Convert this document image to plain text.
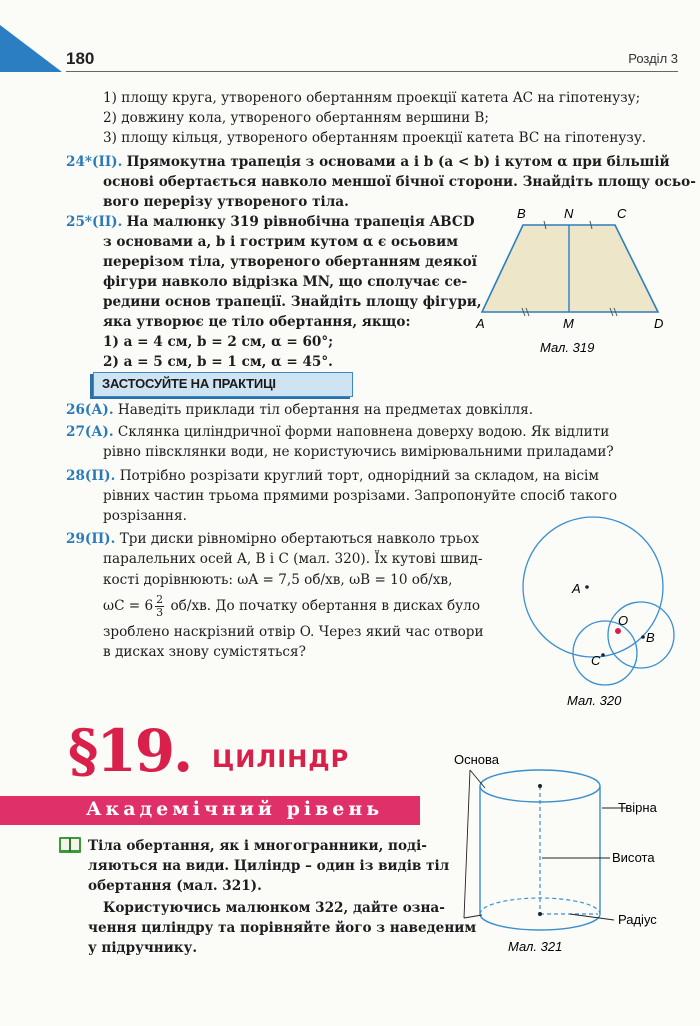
180	Розділ 3
1) площу круга, утвореного обертанням проекції катета AC на гіпотенузу;
2) довжину кола, утвореного обертанням вершини B;
3) площу кільця, утвореного обертанням проекції катета BC на гіпотенузу.
24*(II). Прямокутна трапеція з основами a і b (a < b) і кутом α при більшій
основі обертається навколо меншої бічної сторони. Знайдіть площу осьо-
вого перерізу утвореного тіла.
25*(II). На малюнку 319 рівнобічна трапеція ABCD
з основами a, b і гострим кутом α є осьовим
перерізом тіла, утвореного обертанням деякої
фігури навколо відрізка MN, що сполучає се-
редини основ трапеції. Знайдіть площу фігури,
яка утворює це тіло обертання, якщо:
1) a = 4 см, b = 2 см, α = 60°;
2) a = 5 см, b = 1 см, α = 45°.
B	N	C
A	M	D
Мал. 319
ЗАСТОСУЙТЕ НА ПРАКТИЦІ
26(А). Наведіть приклади тіл обертання на предметах довкілля.
27(А). Склянка циліндричної форми наповнена доверху водою. Як відлити
рівно півсклянки води, не користуючись вимірювальними приладами?
28(П). Потрібно розрізати круглий торт, однорідний за складом, на вісім
рівних частин трьома прямими розрізами. Запропонуйте спосіб такого
розрізання.
29(П). Три диски рівномірно обертаються навколо трьох
паралельних осей A, B і C (мал. 320). Їх кутові швид-
кості дорівнюють: ωA = 7,5 об/хв, ωB = 10 об/хв,
$\omega C = 6 \frac{2}{3} об/хв$. До початку обертання в дисках було
зроблено наскрізний отвір O. Через який час отвори
в дисках знову сумістяться?
A
O
B
C
Мал. 320
§19. ЦИЛІНДР
Академічний рівень
Тіла обертання, як і многогранники, поді-
ляються на види. Циліндр – один із видів тіл
обертання (мал. 321).
Користуючись малюнком 322, дайте озна-
чення циліндру та порівняйте його з наведеним
у підручнику.
Основа
Твірна
Висота
Радіус
Мал. 321
